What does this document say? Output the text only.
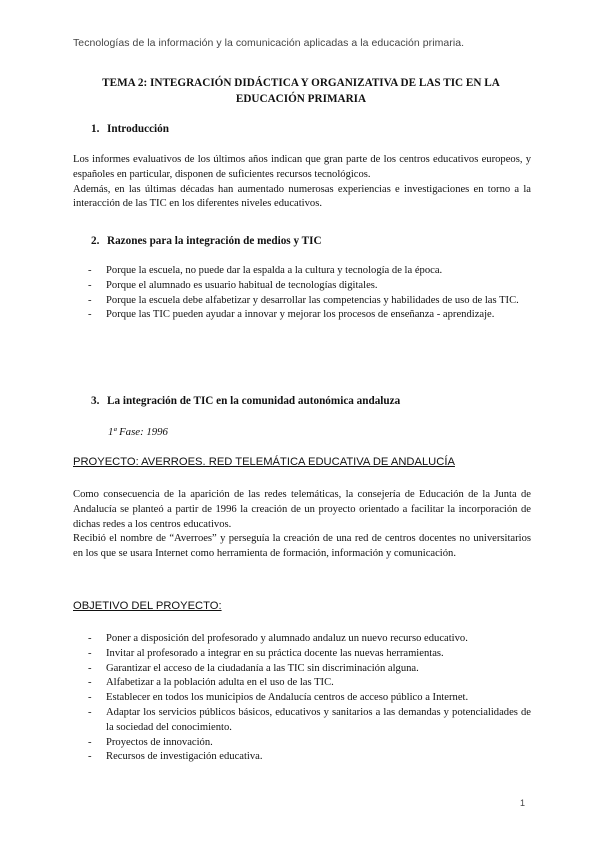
Tecnologías de la información y la comunicación aplicadas a la educación primaria.
TEMA 2: INTEGRACIÓN DIDÁCTICA Y ORGANIZATIVA DE LAS TIC EN LA
EDUCACIÓN PRIMARIA
1. Introducción

Los informes evaluativos de los últimos años indican que gran parte de los centros educativos europeos, y españoles en particular, disponen de suficientes recursos tecnológicos.

Además, en las últimas décadas han aumentado numerosas experiencias e investigaciones en torno a la interacción de las TIC en los diferentes niveles educativos.

2. Razones para la integración de medios y TIC
- Porque la escuela, no puede dar la espalda a la cultura y tecnología de la época.
- Porque el alumnado es usuario habitual de tecnologías digitales.
- Porque la escuela debe alfabetizar y desarrollar las competencias y habilidades de uso de las TIC.
- Porque las TIC pueden ayudar a innovar y mejorar los procesos de enseñanza - aprendizaje.
3. La integración de TIC en la comunidad autonómica andaluza
1ª Fase: 1996
PROYECTO: AVERROES. RED TELEMÁTICA EDUCATIVA DE ANDALUCÍA

Como consecuencia de la aparición de las redes telemáticas, la consejería de Educación de la Junta de Andalucía se planteó a partir de 1996 la creación de un proyecto orientado a facilitar la incorporación de dichas redes a los centros educativos.

Recibió el nombre de “Averroes” y perseguía la creación de una red de centros docentes no universitarios en los que se usara Internet como herramienta de formación, información y comunicación.

OBJETIVO DEL PROYECTO:
- Poner a disposición del profesorado y alumnado andaluz un nuevo recurso educativo.
- Invitar al profesorado a integrar en su práctica docente las nuevas herramientas.
- Garantizar el acceso de la ciudadanía a las TIC sin discriminación alguna.
- Alfabetizar a la población adulta en el uso de las TIC.
- Establecer en todos los municipios de Andalucía centros de acceso público a Internet.
- Adaptar los servicios públicos básicos, educativos y sanitarios a las demandas y potencialidades de la sociedad del conocimiento.
- Proyectos de innovación.
- Recursos de investigación educativa.
1
